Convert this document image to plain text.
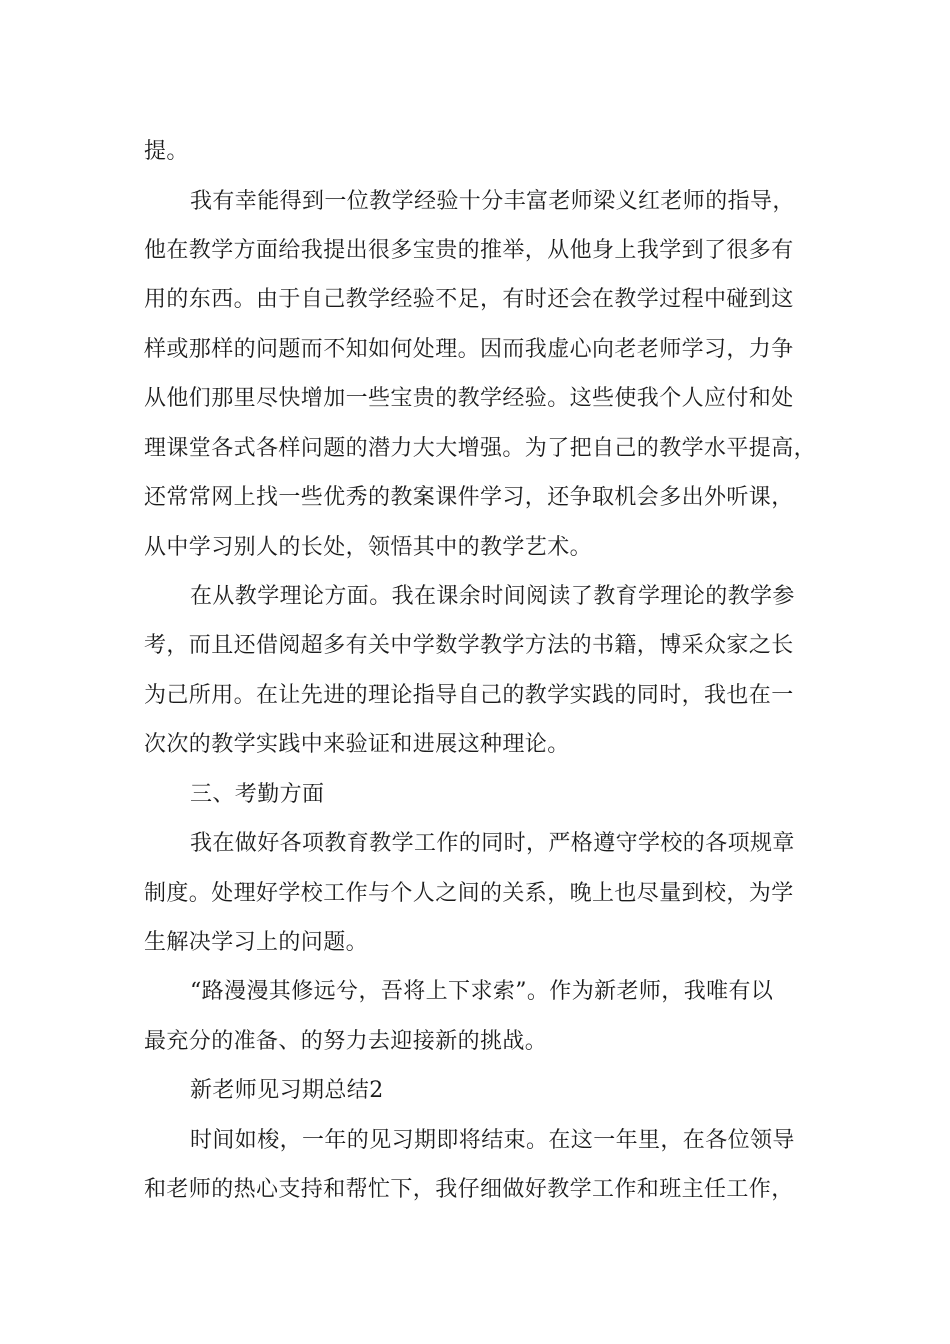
提。
我有幸能得到一位教学经验十分丰富老师梁义红老师的指导，
他在教学方面给我提出很多宝贵的推举，从他身上我学到了很多有
用的东西。由于自己教学经验不足，有时还会在教学过程中碰到这
样或那样的问题而不知如何处理。因而我虚心向老老师学习，力争
从他们那里尽快增加一些宝贵的教学经验。这些使我个人应付和处
理课堂各式各样问题的潜力大大增强。为了把自己的教学水平提高，
还常常网上找一些优秀的教案课件学习，还争取机会多出外听课，
从中学习别人的长处，领悟其中的教学艺术。
在从教学理论方面。我在课余时间阅读了教育学理论的教学参
考，而且还借阅超多有关中学数学教学方法的书籍，博采众家之长
为己所用。在让先进的理论指导自己的教学实践的同时，我也在一
次次的教学实践中来验证和进展这种理论。
三、考勤方面
我在做好各项教育教学工作的同时，严格遵守学校的各项规章
制度。处理好学校工作与个人之间的关系，晚上也尽量到校，为学
生解决学习上的问题。
“路漫漫其修远兮，吾将上下求索”。作为新老师，我唯有以
最充分的准备、的努力去迎接新的挑战。
新老师见习期总结2
时间如梭，一年的见习期即将结束。在这一年里，在各位领导
和老师的热心支持和帮忙下，我仔细做好教学工作和班主任工作，
